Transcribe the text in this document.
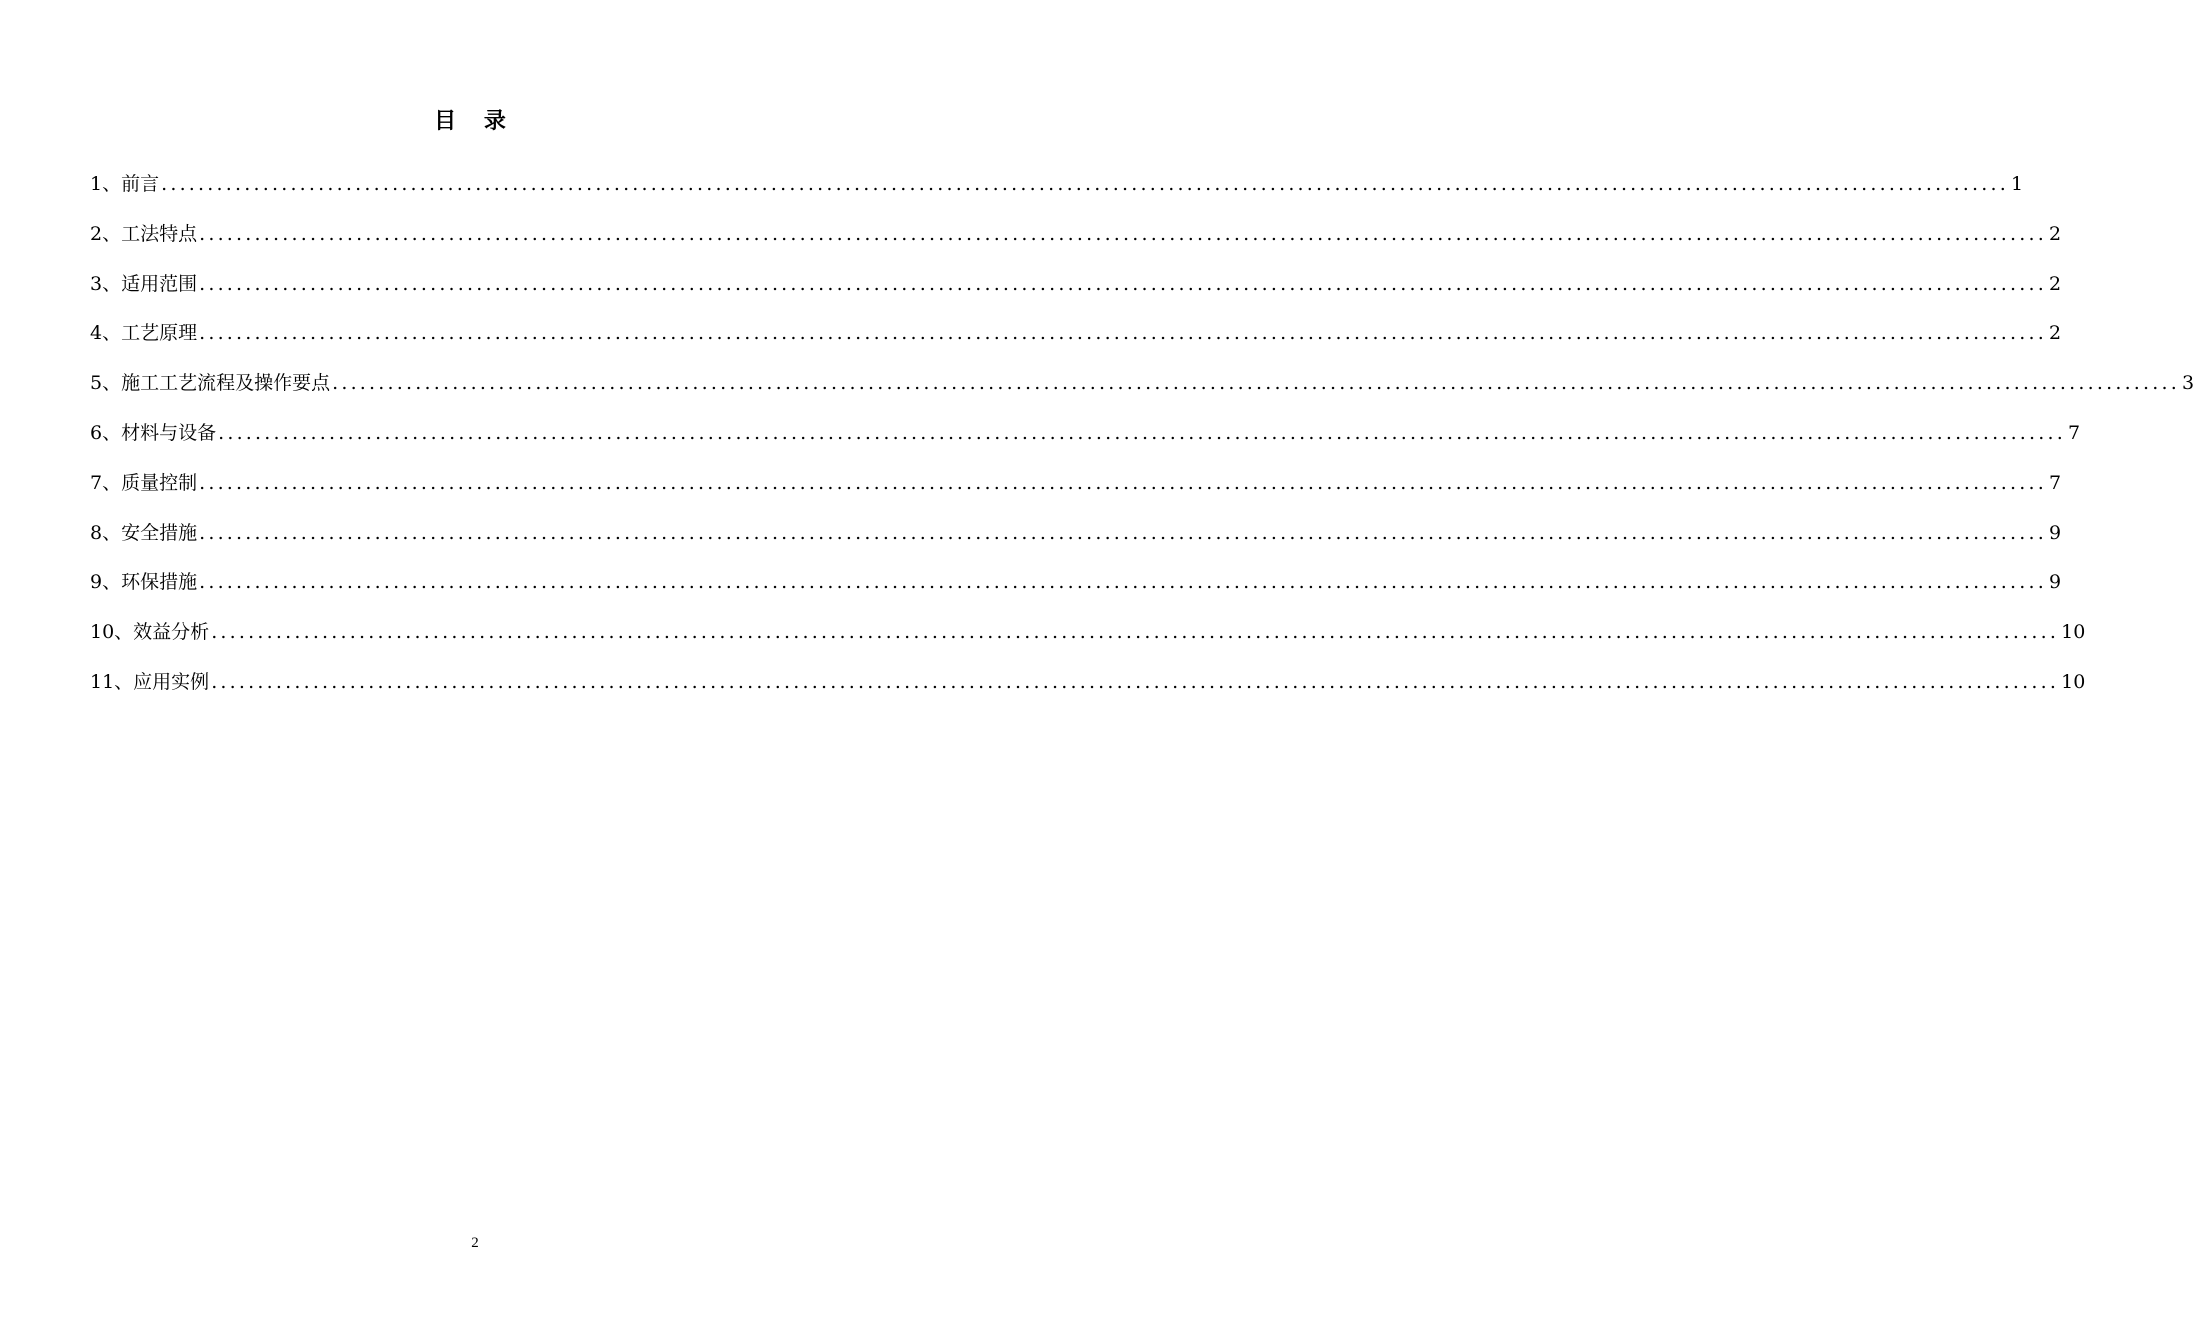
目 录
1、前言 ........................................................................................................................................................................................................ 1
2、工法特点 ........................................................................................................................................................................................................ 2
3、适用范围 ........................................................................................................................................................................................................ 2
4、工艺原理 ........................................................................................................................................................................................................ 2
5、施工工艺流程及操作要点 ........................................................................................................................................................................................................ 3
6、材料与设备 ........................................................................................................................................................................................................ 7
7、质量控制 ........................................................................................................................................................................................................ 7
8、安全措施 ........................................................................................................................................................................................................ 9
9、环保措施 ........................................................................................................................................................................................................ 9
10、效益分析 ........................................................................................................................................................................................................ 10
11、应用实例 ........................................................................................................................................................................................................ 10
2
